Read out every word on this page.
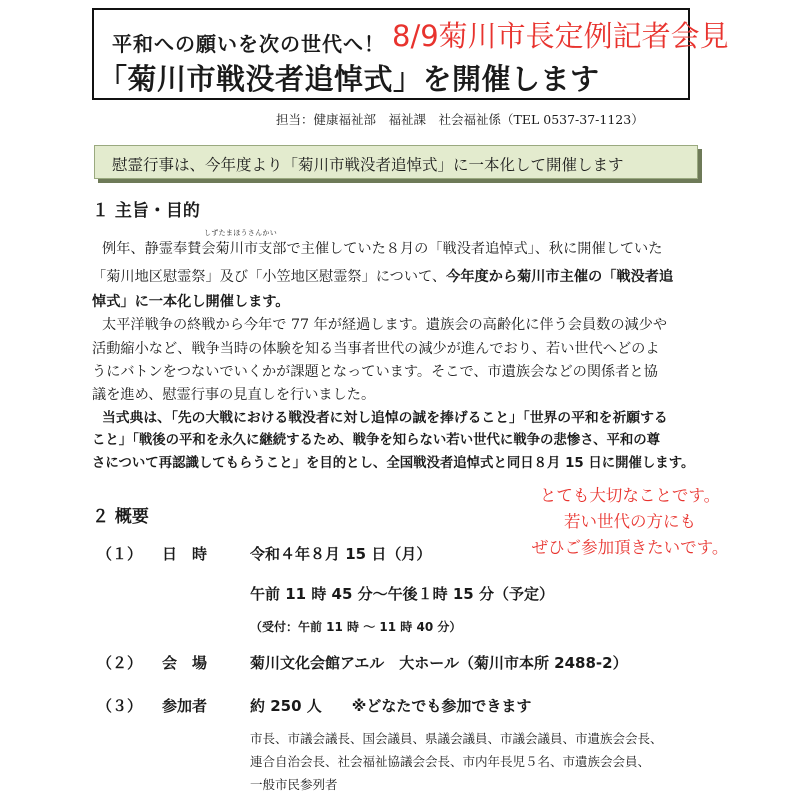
平和への願いを次の世代へ！
「菊川市戦没者追悼式」を開催します
8/9菊川市長定例記者会見
担当：健康福祉部　福祉課　社会福祉係（TEL 0537-37-1123）
慰霊行事は、今年度より「菊川市戦没者追悼式」に一本化して開催します
１ 主旨・目的
しずたまほうさんかい
例年、静霊奉賛会菊川市支部で主催していた８月の「戦没者追悼式」、秋に開催していた
「菊川地区慰霊祭」及び「小笠地区慰霊祭」について、今年度から菊川市主催の「戦没者追
悼式」に一本化し開催します。
太平洋戦争の終戦から今年で 77 年が経過します。遺族会の高齢化に伴う会員数の減少や
活動縮小など、戦争当時の体験を知る当事者世代の減少が進んでおり、若い世代へどのよ
うにバトンをつないでいくかが課題となっています。そこで、市遺族会などの関係者と協
議を進め、慰霊行事の見直しを行いました。
当式典は、「先の大戦における戦没者に対し追悼の誠を捧げること」「世界の平和を祈願する
こと」「戦後の平和を永久に継続するため、戦争を知らない若い世代に戦争の悲惨さ、平和の尊
さについて再認識してもらうこと」を目的とし、全国戦没者追悼式と同日８月 15 日に開催します。
とても大切なことです。
若い世代の方にも
ぜひご参加頂きたいです。
２ 概要
（１） 日　時	令和４年８月 15 日（月）
午前 11 時 45 分～午後１時 15 分（予定）
（受付：午前 11 時 ～ 11 時 40 分）
（２） 会　場	菊川文化会館アエル　大ホール（菊川市本所 2488-2）
（３） 参加者	約 250 人　　※どなたでも参加できます
市長、市議会議長、国会議員、県議会議員、市議会議員、市遺族会会長、
連合自治会長、社会福祉協議会会長、市内年長児５名、市遺族会会員、
一般市民参列者
